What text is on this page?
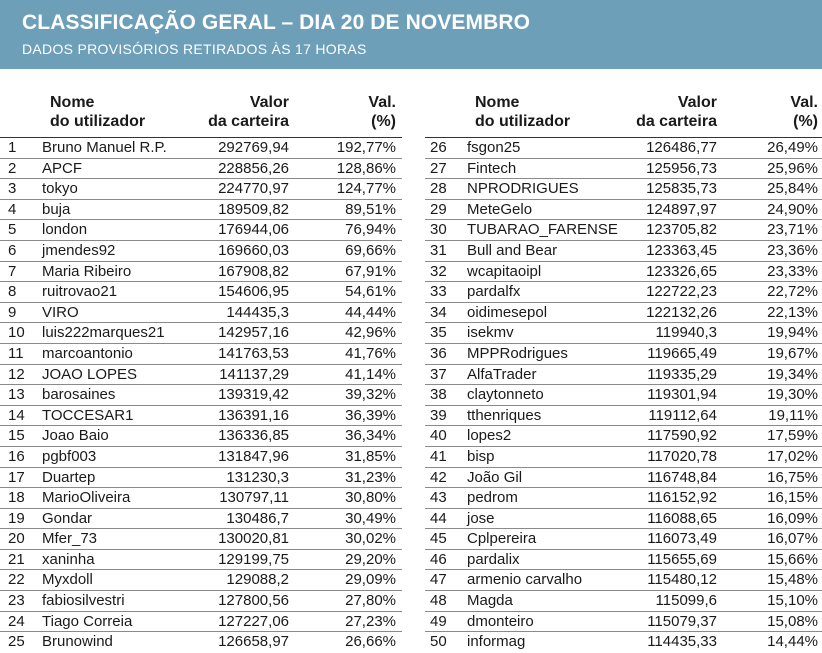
CLASSIFICAÇÃO GERAL – DIA 20 DE NOVEMBRO
DADOS PROVISÓRIOS RETIRADOS ÀS 17 HORAS
Nome
do utilizador
Valor
da carteira
Val.
(%)
1 Bruno Manuel R.P.	292769,94	192,77%
2 APCF	228856,26	128,86%
3 tokyo	224770,97	124,77%
4 buja	189509,82	89,51%
5 london	176944,06	76,94%
6 jmendes92	169660,03	69,66%
7 Maria Ribeiro	167908,82	67,91%
8 ruitrovao21	154606,95	54,61%
9 VIRO	144435,3	44,44%
10 luis222marques21	142957,16	42,96%
11 marcoantonio	141763,53	41,76%
12 JOAO LOPES	141137,29	41,14%
13 barosaines	139319,42	39,32%
14 TOCCESAR1	136391,16	36,39%
15 Joao Baio	136336,85	36,34%
16 pgbf003	131847,96	31,85%
17 Duartep	131230,3	31,23%
18 MarioOliveira	130797,11	30,80%
19 Gondar	130486,7	30,49%
20 Mfer_73	130020,81	30,02%
21 xaninha	129199,75	29,20%
22 Myxdoll	129088,2	29,09%
23 fabiosilvestri	127800,56	27,80%
24 Tiago Correia	127227,06	27,23%
25 Brunowind	126658,97	26,66%
Nome
do utilizador
Valor
da carteira
Val.
(%)
26 fsgon25	126486,77	26,49%
27 Fintech	125956,73	25,96%
28 NPRODRIGUES	125835,73	25,84%
29 MeteGelo	124897,97	24,90%
30 TUBARAO_FARENSE 123705,82	23,71%
31 Bull and Bear	123363,45	23,36%
32 wcapitaoipl	123326,65	23,33%
33 pardalfx	122722,23	22,72%
34 oidimesepol	122132,26	22,13%
35 isekmv	119940,3	19,94%
36 MPPRodrigues	119665,49	19,67%
37 AlfaTrader	119335,29	19,34%
38 claytonneto	119301,94	19,30%
39 tthenriques	119112,64	19,11%
40 lopes2	117590,92	17,59%
41 bisp	117020,78	17,02%
42 João Gil	116748,84	16,75%
43 pedrom	116152,92	16,15%
44 jose	116088,65	16,09%
45 Cplpereira	116073,49	16,07%
46 pardalix	115655,69	15,66%
47 armenio carvalho	115480,12	15,48%
48 Magda	115099,6	15,10%
49 dmonteiro	115079,37	15,08%
50 informag	114435,33	14,44%
